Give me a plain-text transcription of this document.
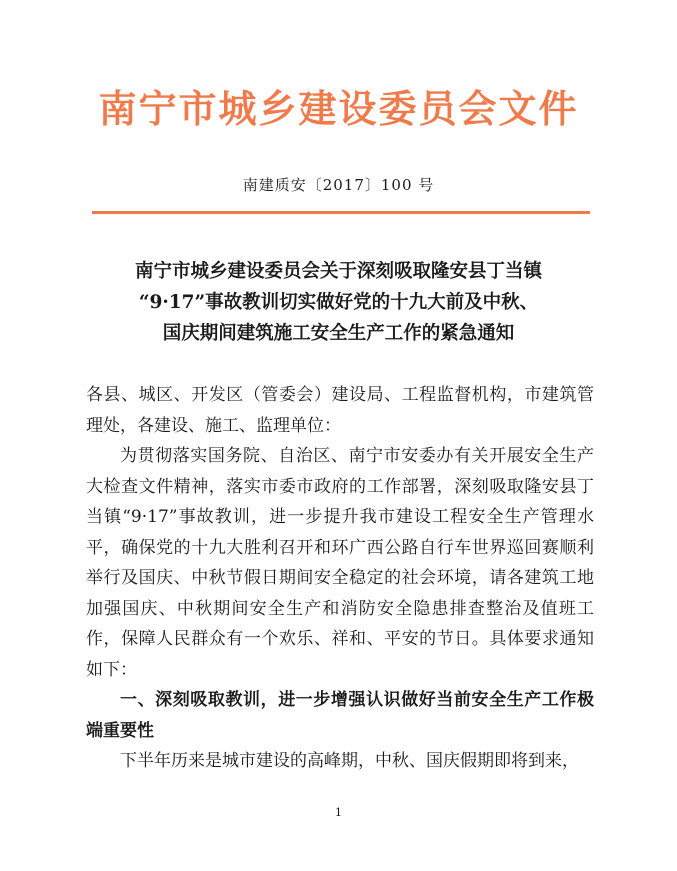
南宁市城乡建设委员会文件
南建质安〔2017〕100 号
南宁市城乡建设委员会关于深刻吸取隆安县丁当镇
“9·17”事故教训切实做好党的十九大前及中秋、
国庆期间建筑施工安全生产工作的紧急通知

各县、城区、开发区（管委会）建设局、工程监督机构，市建筑管理处，各建设、施工、监理单位：

为贯彻落实国务院、自治区、南宁市安委办有关开展安全生产大检查文件精神，落实市委市政府的工作部署，深刻吸取隆安县丁当镇“9·17”事故教训，进一步提升我市建设工程安全生产管理水平，确保党的十九大胜利召开和环广西公路自行车世界巡回赛顺利举行及国庆、中秋节假日期间安全稳定的社会环境，请各建筑工地加强国庆、中秋期间安全生产和消防安全隐患排查整治及值班工作，保障人民群众有一个欢乐、祥和、平安的节日。具体要求通知如下：

一、深刻吸取教训，进一步增强认识做好当前安全生产工作极端重要性

下半年历来是城市建设的高峰期，中秋、国庆假期即将到来，

1
